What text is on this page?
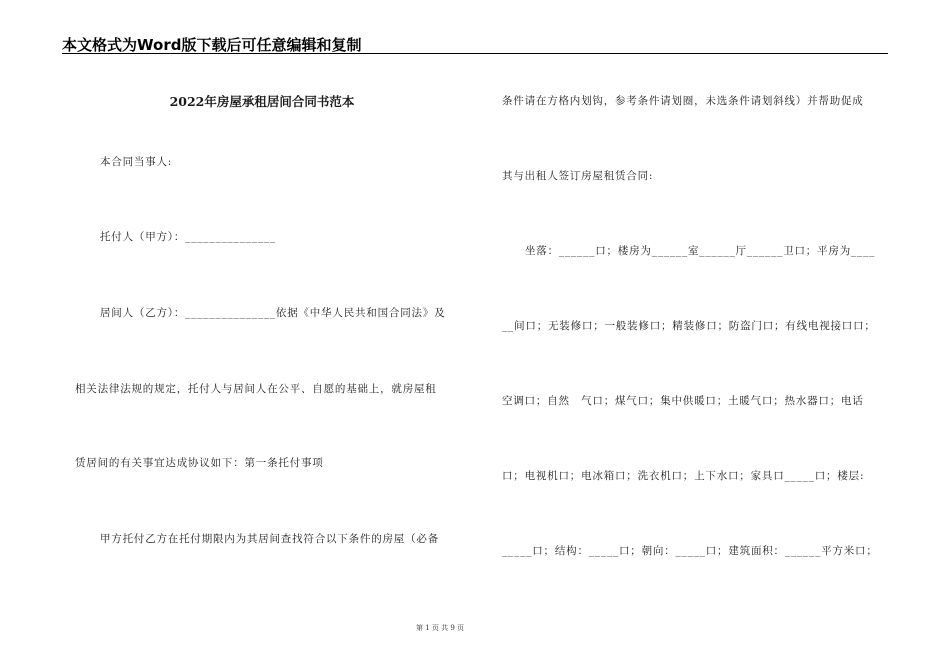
本文格式为Word版下载后可任意编辑和复制
2022年房屋承租居间合同书范本
本合同当事人:
托付人（甲方）：_______________
居间人（乙方）：_______________依据《中华人民共和国合同法》及
相关法律法规的规定，托付人与居间人在公平、自愿的基础上，就房屋租
赁居间的有关事宜达成协议如下：第一条托付事项
甲方托付乙方在托付期限内为其居间查找符合以下条件的房屋（必备
条件请在方格内划钩，参考条件请划圈，未选条件请划斜线）并帮助促成
其与出租人签订房屋租赁合同:
坐落：______口；楼房为______室______厅______卫口；平房为____
__间口；无装修口；一般装修口；精装修口；防盗门口；有线电视接口口；
空调口；自然　气口；煤气口；集中供暖口；土暖气口；热水器口；电话
口；电视机口；电冰箱口；洗衣机口；上下水口；家具口_____口；楼层:
_____口；结构：_____口；朝向：_____口；建筑面积：______平方米口；
第 1 页 共 9 页
